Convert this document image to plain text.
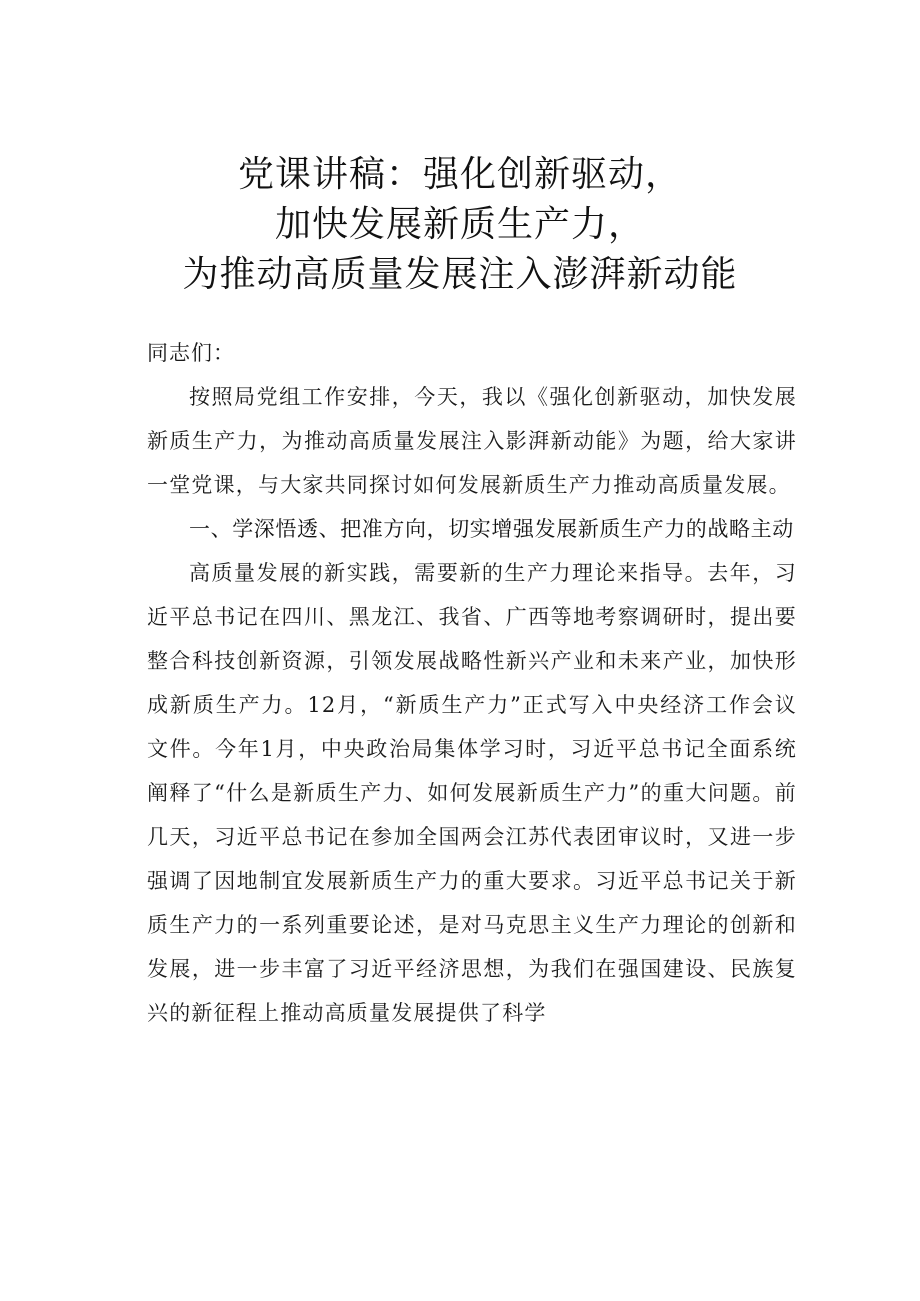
党课讲稿：强化创新驱动，
加快发展新质生产力，
为推动高质量发展注入澎湃新动能

同志们：

按照局党组工作安排，今天，我以《强化创新驱动，加快发展新质生产力，为推动高质量发展注入影湃新动能》为题，给大家讲一堂党课，与大家共同探讨如何发展新质生产力推动高质量发展。

一、学深悟透、把准方向，切实增强发展新质生产力的战略主动

高质量发展的新实践，需要新的生产力理论来指导。去年，习近平总书记在四川、黑龙江、我省、广西等地考察调研时，提出要整合科技创新资源，引领发展战略性新兴产业和未来产业，加快形成新质生产力。12月，“新质生产力”正式写入中央经济工作会议文件。今年1月，中央政治局集体学习时，习近平总书记全面系统阐释了“什么是新质生产力、如何发展新质生产力”的重大问题。前几天，习近平总书记在参加全国两会江苏代表团审议时，又进一步强调了因地制宜发展新质生产力的重大要求。习近平总书记关于新质生产力的一系列重要论述，是对马克思主义生产力理论的创新和发展，进一步丰富了习近平经济思想，为我们在强国建设、民族复兴的新征程上推动高质量发展提供了科学
